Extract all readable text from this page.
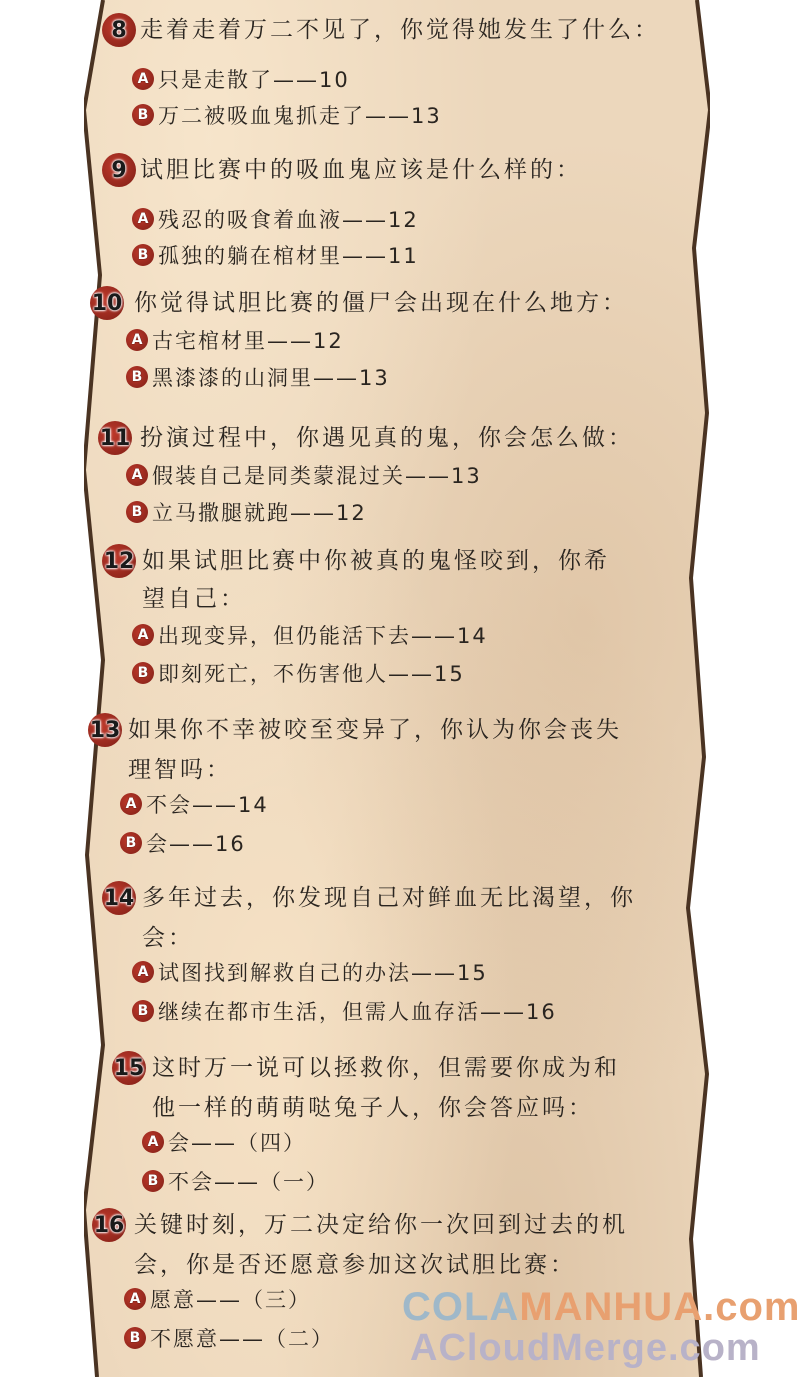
8 走着走着万二不见了，你觉得她发生了什么：
A 只是走散了——10
B 万二被吸血鬼抓走了——13
9 试胆比赛中的吸血鬼应该是什么样的：
A 残忍的吸食着血液——12
B 孤独的躺在棺材里——11
10 你觉得试胆比赛的僵尸会出现在什么地方：
A 古宅棺材里——12
B 黑漆漆的山洞里——13
11 扮演过程中，你遇见真的鬼，你会怎么做：
A 假装自己是同类蒙混过关——13
B 立马撒腿就跑——12
12 如果试胆比赛中你被真的鬼怪咬到，你希
望自己：
A 出现变异，但仍能活下去——14
B 即刻死亡，不伤害他人——15
13 如果你不幸被咬至变异了，你认为你会丧失
理智吗：
A 不会——14
B 会——16
14 多年过去，你发现自己对鲜血无比渴望，你
会：
A 试图找到解救自己的办法——15
B 继续在都市生活，但需人血存活——16
15 这时万一说可以拯救你，但需要你成为和
他一样的萌萌哒兔子人，你会答应吗：
A 会——（四）
B 不会——（一）
16 关键时刻，万二决定给你一次回到过去的机
会，你是否还愿意参加这次试胆比赛：
A 愿意——（三）
B 不愿意——（二）
COLAMANHUA.com
ACloudMerge.com
